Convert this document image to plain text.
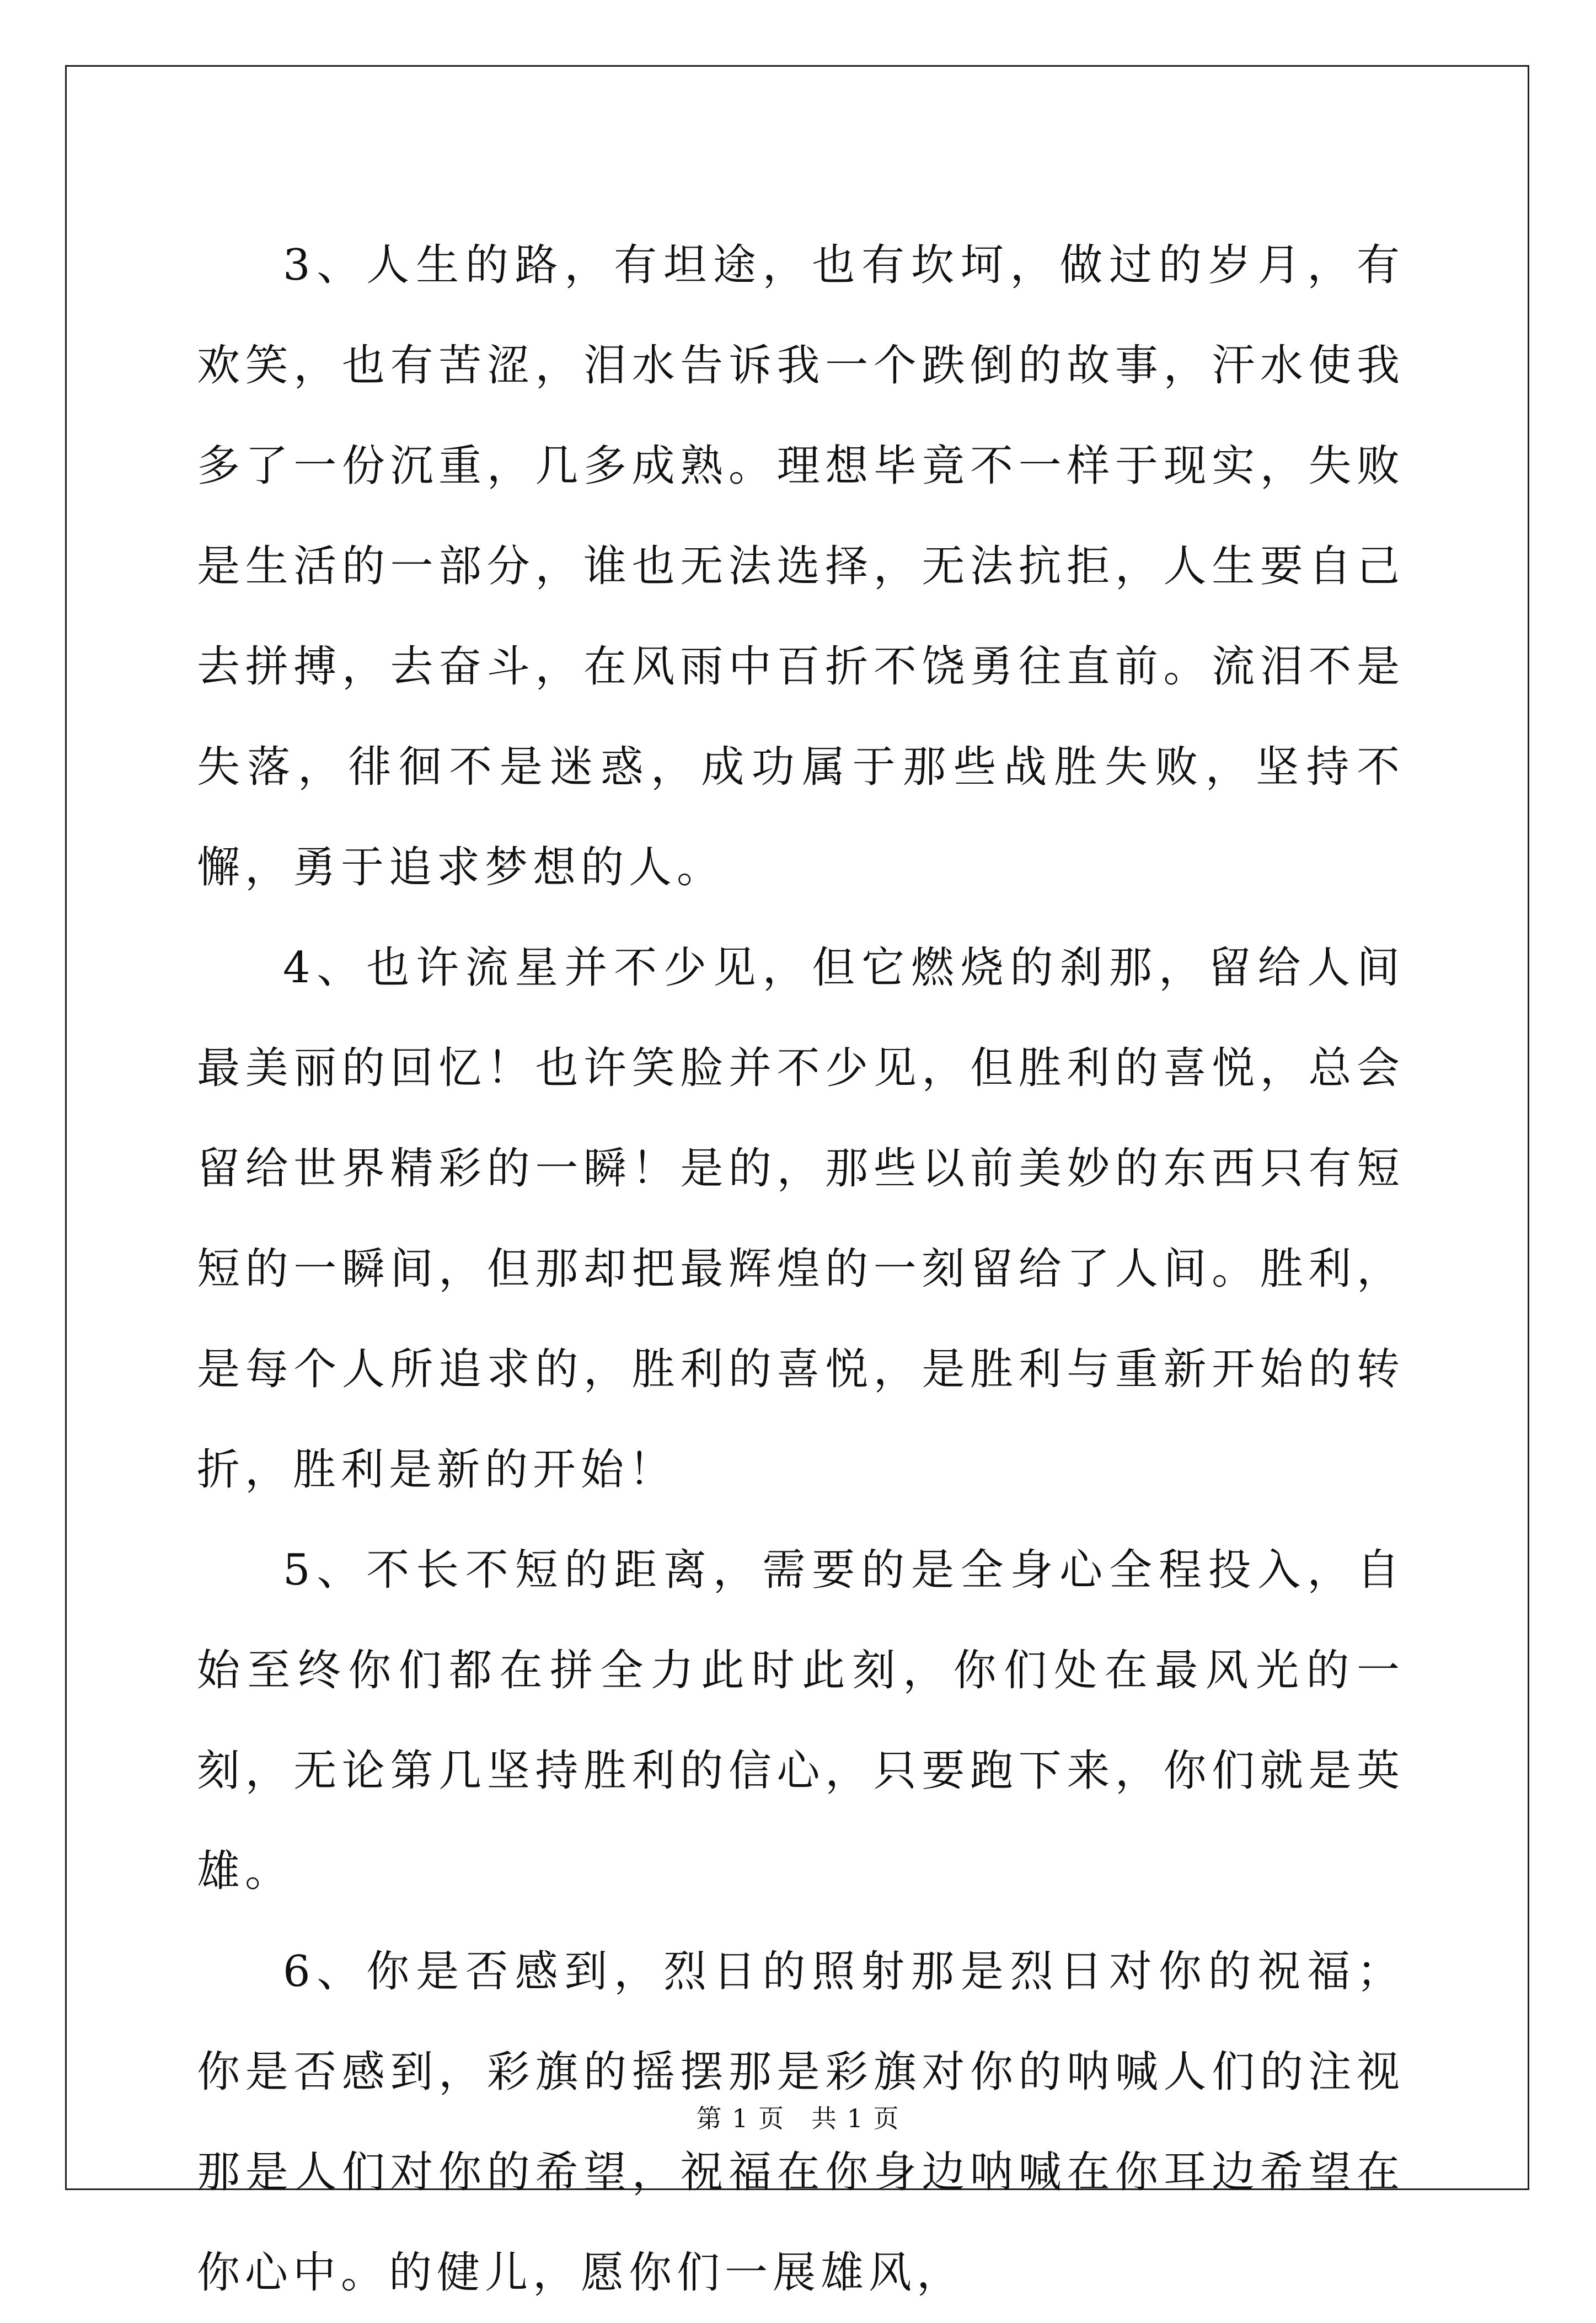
3、人生的路，有坦途，也有坎坷，做过的岁月，有欢笑，也有苦涩，泪水告诉我一个跌倒的故事，汗水使我多了一份沉重，几多成熟。理想毕竟不一样于现实，失败是生活的一部分，谁也无法选择，无法抗拒，人生要自己去拼搏，去奋斗，在风雨中百折不饶勇往直前。流泪不是失落，徘徊不是迷惑，成功属于那些战胜失败，坚持不懈，勇于追求梦想的人。

4、也许流星并不少见，但它燃烧的刹那，留给人间最美丽的回忆！也许笑脸并不少见，但胜利的喜悦，总会留给世界精彩的一瞬！是的，那些以前美妙的东西只有短短的一瞬间，但那却把最辉煌的一刻留给了人间。胜利，是每个人所追求的，胜利的喜悦，是胜利与重新开始的转折，胜利是新的开始！

5、不长不短的距离，需要的是全身心全程投入，自始至终你们都在拼全力此时此刻，你们处在最风光的一刻，无论第几坚持胜利的信心，只要跑下来，你们就是英雄。

6、你是否感到，烈日的照射那是烈日对你的祝福；你是否感到，彩旗的摇摆那是彩旗对你的呐喊人们的注视那是人们对你的希望，祝福在你身边呐喊在你耳边希望在你心中。的健儿，愿你们一展雄风，

第 1 页　共 1 页
